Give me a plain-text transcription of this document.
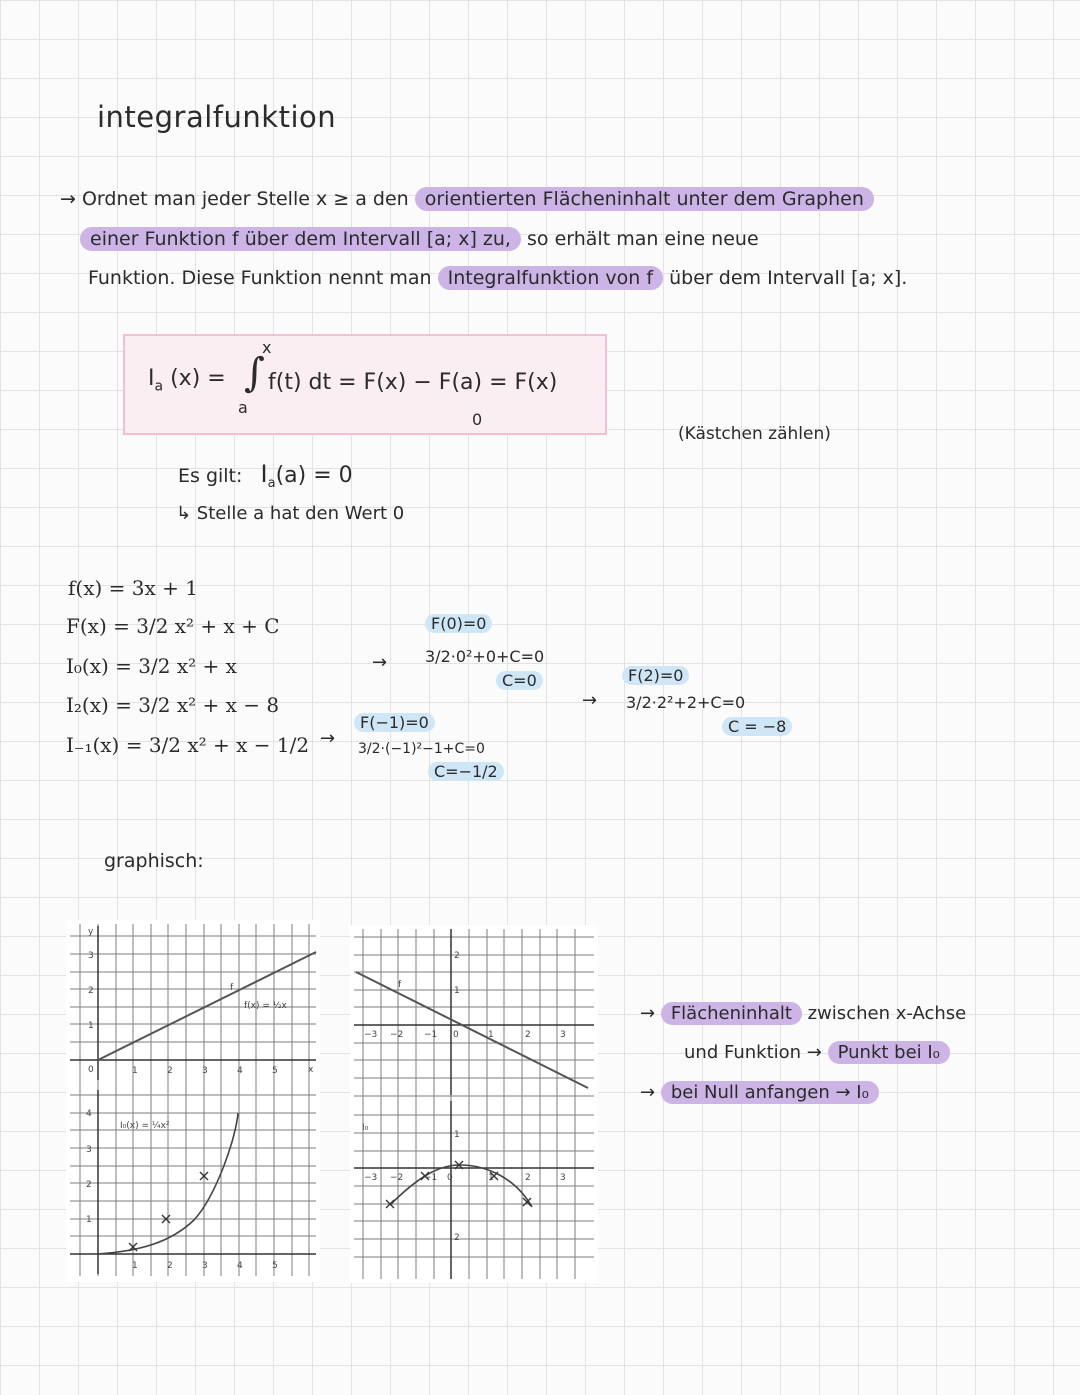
integralfunktion
→ Ordnet man jeder Stelle x ≥ a den orientierten Flächeninhalt unter dem Graphen
einer Funktion f über dem Intervall [a; x] zu, so erhält man eine neue
Funktion. Diese Funktion nennt man Integralfunktion von f über dem Intervall [a; x].
$I_a$ (x) = ∫
x
a
f(t) dt = F(x) − F(a) = F(x)
0
(Kästchen zählen)
Es gilt: $I_a(a) = 0$
↳ Stelle a hat den Wert 0
f(x) = 3x + 1
F(x) = 3/2 x² + x + C
I₀(x) = 3/2 x² + x
I₂(x) = 3/2 x² + x − 8
I₋₁(x) = 3/2 x² + x − 1/2
→
→
→
F(0)=0
3/2·0²+0+C=0
C=0	F(2)=0
3/2·2²+2+C=0
C = −8
F(−1)=0
3/2·(−1)²−1+C=0
C=−1/2
graphisch:
y
x
0
f
f(x) = ½x
1	2	3	4	5
1
2
3
I₀(x) = ¼x²
1	2	3	4	5
1
2
3
4
f
−3 −2 −1 0	1	2	3
1
2
I₀
−3 −2 −1 0	1	2	3
1
2
→ Flächeninhalt zwischen x-Achse
und Funktion → Punkt bei I₀
→ bei Null anfangen → I₀
